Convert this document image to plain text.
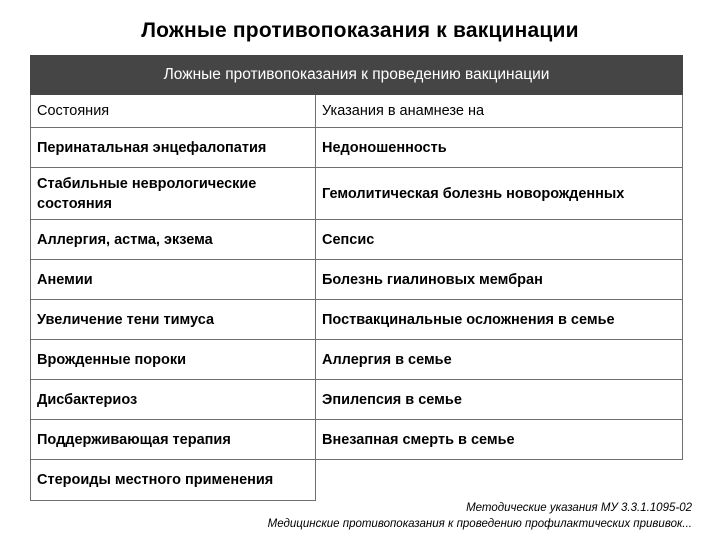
Ложные противопоказания к вакцинации
Ложные противопоказания к проведению вакцинации	
Состояния	Указания в анамнезе на
Перинатальная энцефалопатия	Недоношенность
Стабильные неврологические состояния	Гемолитическая болезнь новорожденных
Аллергия, астма, экзема	Сепсис
Анемии	Болезнь гиалиновых мембран
Увеличение тени тимуса	Поствакцинальные осложнения в семье
Врожденные пороки	Аллергия в семье
Дисбактериоз	Эпилепсия в семье
Поддерживающая терапия	Внезапная смерть в семье
Стероиды местного применения	
Методические указания МУ 3.3.1.1095-02
Медицинские противопоказания к проведению профилактических прививок...
